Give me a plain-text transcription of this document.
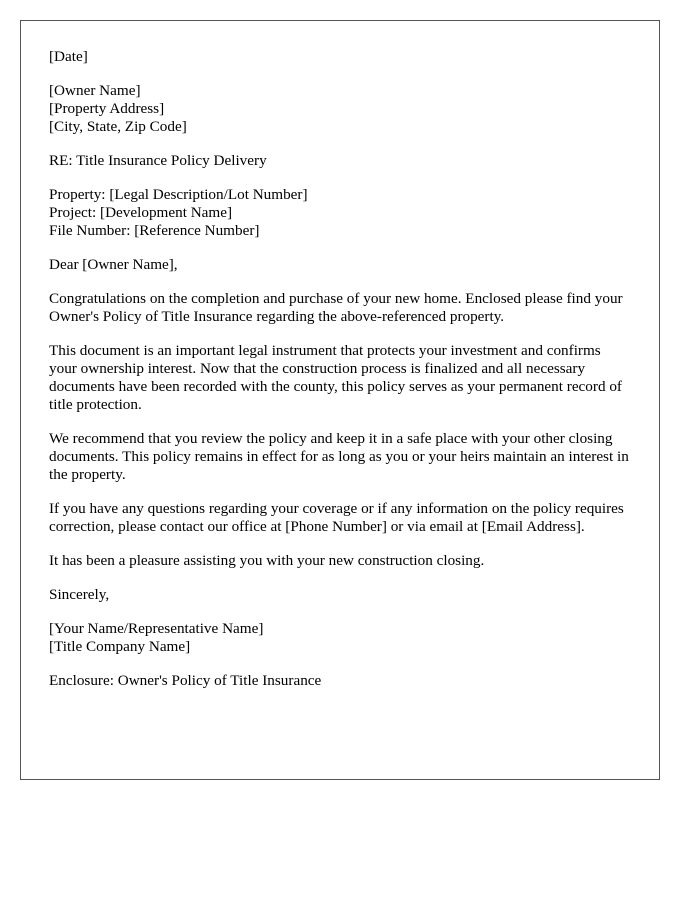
[Date]
[Owner Name]
[Property Address]
[City, State, Zip Code]
RE: Title Insurance Policy Delivery
Property: [Legal Description/Lot Number]
Project: [Development Name]
File Number: [Reference Number]
Dear [Owner Name],

Congratulations on the completion and purchase of your new home. Enclosed please find your Owner's Policy of Title Insurance regarding the above-referenced property.

This document is an important legal instrument that protects your investment and confirms your ownership interest. Now that the construction process is finalized and all necessary documents have been recorded with the county, this policy serves as your permanent record of title protection.

We recommend that you review the policy and keep it in a safe place with your other closing documents. This policy remains in effect for as long as you or your heirs maintain an interest in the property.

If you have any questions regarding your coverage or if any information on the policy requires correction, please contact our office at [Phone Number] or via email at [Email Address].

It has been a pleasure assisting you with your new construction closing.

Sincerely,
[Your Name/Representative Name]
[Title Company Name]
Enclosure: Owner's Policy of Title Insurance
